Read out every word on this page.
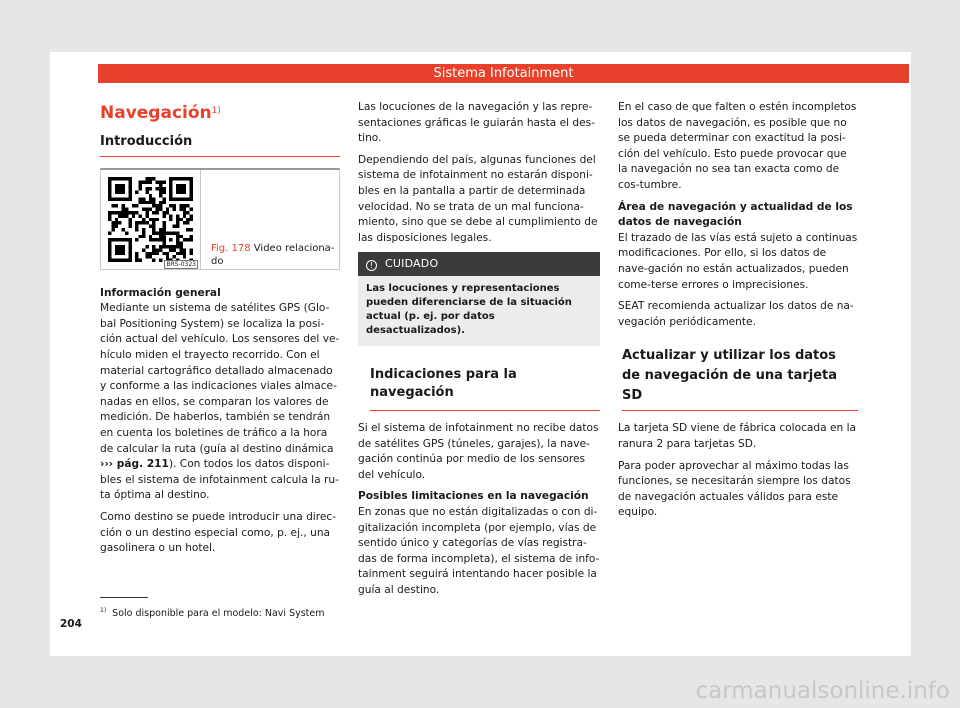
Sistema Infotainment
Navegación$^{1)}$
Introducción
BRS-0323
Fig. 178 Video relaciona-do
Información general

Mediante un sistema de satélites GPS (Glo-bal Positioning System) se localiza la posi-ción actual del vehículo. Los sensores del ve-hículo miden el trayecto recorrido. Con el material cartográfico detallado almacenado y conforme a las indicaciones viales almace-nadas en ellos, se comparan los valores de medición. De haberlos, también se tendrán en cuenta los boletines de tráfico a la hora de calcular la ruta (guía al destino dinámica ››› pág. 211). Con todos los datos disponi-bles el sistema de infotainment calcula la ru-ta óptima al destino.

Como destino se puede introducir una direc-ción o un destino especial como, p. ej., una gasolinera o un hotel.

Las locuciones de la navegación y las repre-sentaciones gráficas le guiarán hasta el des-tino.

Dependiendo del país, algunas funciones del sistema de infotainment no estarán disponi-bles en la pantalla a partir de determinada velocidad. No se trata de un mal funciona-miento, sino que se debe al cumplimiento de las disposiciones legales.

! CUIDADO
Las locuciones y representaciones pueden diferenciarse de la situación actual (p. ej. por datos desactualizados).
Indicaciones para la navegación

Si el sistema de infotainment no recibe datos de satélites GPS (túneles, garajes), la nave-gación continúa por medio de los sensores del vehículo.

Posibles limitaciones en la navegación

En zonas que no están digitalizadas o con di-gitalización incompleta (por ejemplo, vías de sentido único y categorías de vías registra-das de forma incompleta), el sistema de info-tainment seguirá intentando hacer posible la guía al destino.

En el caso de que falten o estén incompletos los datos de navegación, es posible que no se pueda determinar con exactitud la posi-ción del vehículo. Esto puede provocar que la navegación no sea tan exacta como de cos-tumbre.

Área de navegación y actualidad de los datos de navegación

El trazado de las vías está sujeto a continuas modificaciones. Por ello, si los datos de nave-gación no están actualizados, pueden come-terse errores o imprecisiones.

SEAT recomienda actualizar los datos de na-vegación periódicamente.

Actualizar y utilizar los datos de navegación de una tarjeta SD

La tarjeta SD viene de fábrica colocada en la ranura 2 para tarjetas SD.

Para poder aprovechar al máximo todas las funciones, se necesitarán siempre los datos de navegación actuales válidos para este equipo.

$^{1)}$ Solo disponible para el modelo: Navi System
204
carmanualsonline.info
